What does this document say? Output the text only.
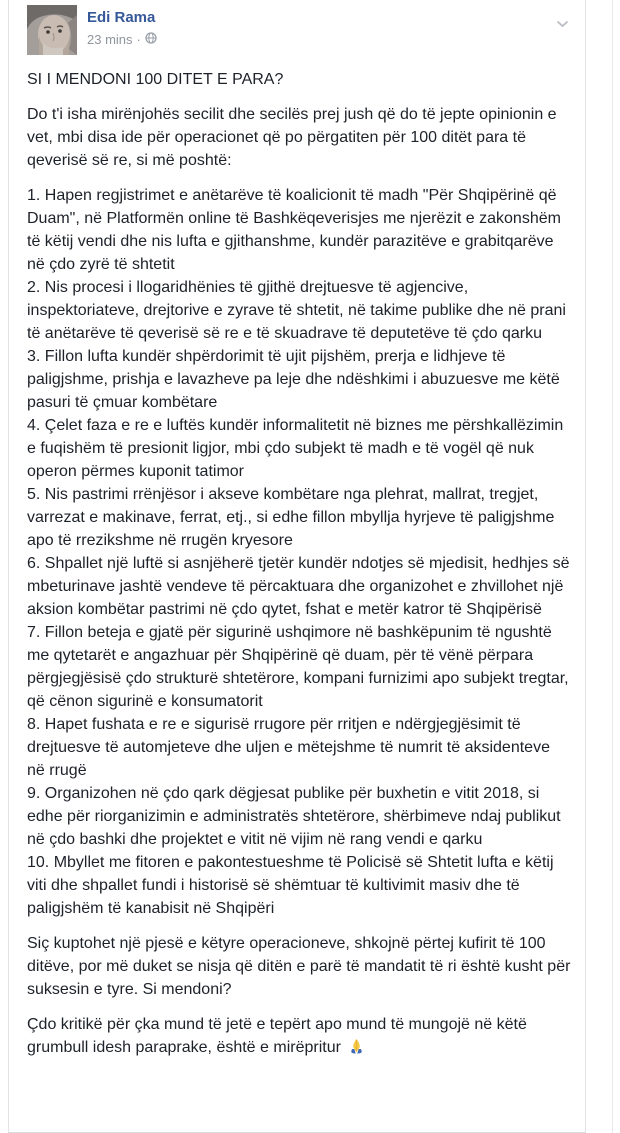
Edi Rama
23 mins ·

SI I MENDONI 100 DITET E PARA?

Do t'i isha mirënjohës secilit dhe secilës prej jush që do të jepte opinionin e vet, mbi disa ide për operacionet që po përgatiten për 100 ditët para të qeverisë së re, si më poshtë:

1. Hapen regjistrimet e anëtarëve të koalicionit të madh "Për Shqipërinë që Duam", në Platformën online të Bashkëqeverisjes me njerëzit e zakonshëm të këtij vendi dhe nis lufta e gjithanshme, kundër parazitëve e grabitqarëve në çdo zyrë të shtetit
2. Nis procesi i llogaridhënies të gjithë drejtuesve të agjencive, inspektoriateve, drejtorive e zyrave të shtetit, në takime publike dhe në prani të anëtarëve të qeverisë së re e të skuadrave të deputetëve të çdo qarku
3. Fillon lufta kundër shpërdorimit të ujit pijshëm, prerja e lidhjeve të paligjshme, prishja e lavazheve pa leje dhe ndëshkimi i abuzuesve me këtë pasuri të çmuar kombëtare
4. Çelet faza e re e luftës kundër informalitetit në biznes me përshkallëzimin e fuqishëm të presionit ligjor, mbi çdo subjekt të madh e të vogël që nuk operon përmes kuponit tatimor
5. Nis pastrimi rrënjësor i akseve kombëtare nga plehrat, mallrat, tregjet, varrezat e makinave, ferrat, etj., si edhe fillon mbyllja hyrjeve të paligjshme apo të rrezikshme në rrugën kryesore
6. Shpallet një luftë si asnjëherë tjetër kundër ndotjes së mjedisit, hedhjes së mbeturinave jashtë vendeve të përcaktuara dhe organizohet e zhvillohet një aksion kombëtar pastrimi në çdo qytet, fshat e metër katror të Shqipërisë
7. Fillon beteja e gjatë për sigurinë ushqimore në bashkëpunim të ngushtë me qytetarët e angazhuar për Shqipërinë që duam, për të vënë përpara përgjegjësisë çdo strukturë shtetërore, kompani furnizimi apo subjekt tregtar, që cënon sigurinë e konsumatorit
8. Hapet fushata e re e sigurisë rrugore për rritjen e ndërgjegjësimit të drejtuesve të automjeteve dhe uljen e mëtejshme të numrit të aksidenteve në rrugë
9. Organizohen në çdo qark dëgjesat publike për buxhetin e vitit 2018, si edhe për riorganizimin e administratës shtetërore, shërbimeve ndaj publikut në çdo bashki dhe projektet e vitit në vijim në rang vendi e qarku
10. Mbyllet me fitoren e pakontestueshme të Policisë së Shtetit lufta e këtij viti dhe shpallet fundi i historisë së shëmtuar të kultivimit masiv dhe të paligjshëm të kanabisit në Shqipëri

Siç kuptohet një pjesë e këtyre operacioneve, shkojnë përtej kufirit të 100 ditëve, por më duket se nisja që ditën e parë të mandatit të ri është kusht për suksesin e tyre. Si mendoni?

Çdo kritikë për çka mund të jetë e tepërt apo mund të mungojë në këtë grumbull idesh paraprake, është e mirëpritur
